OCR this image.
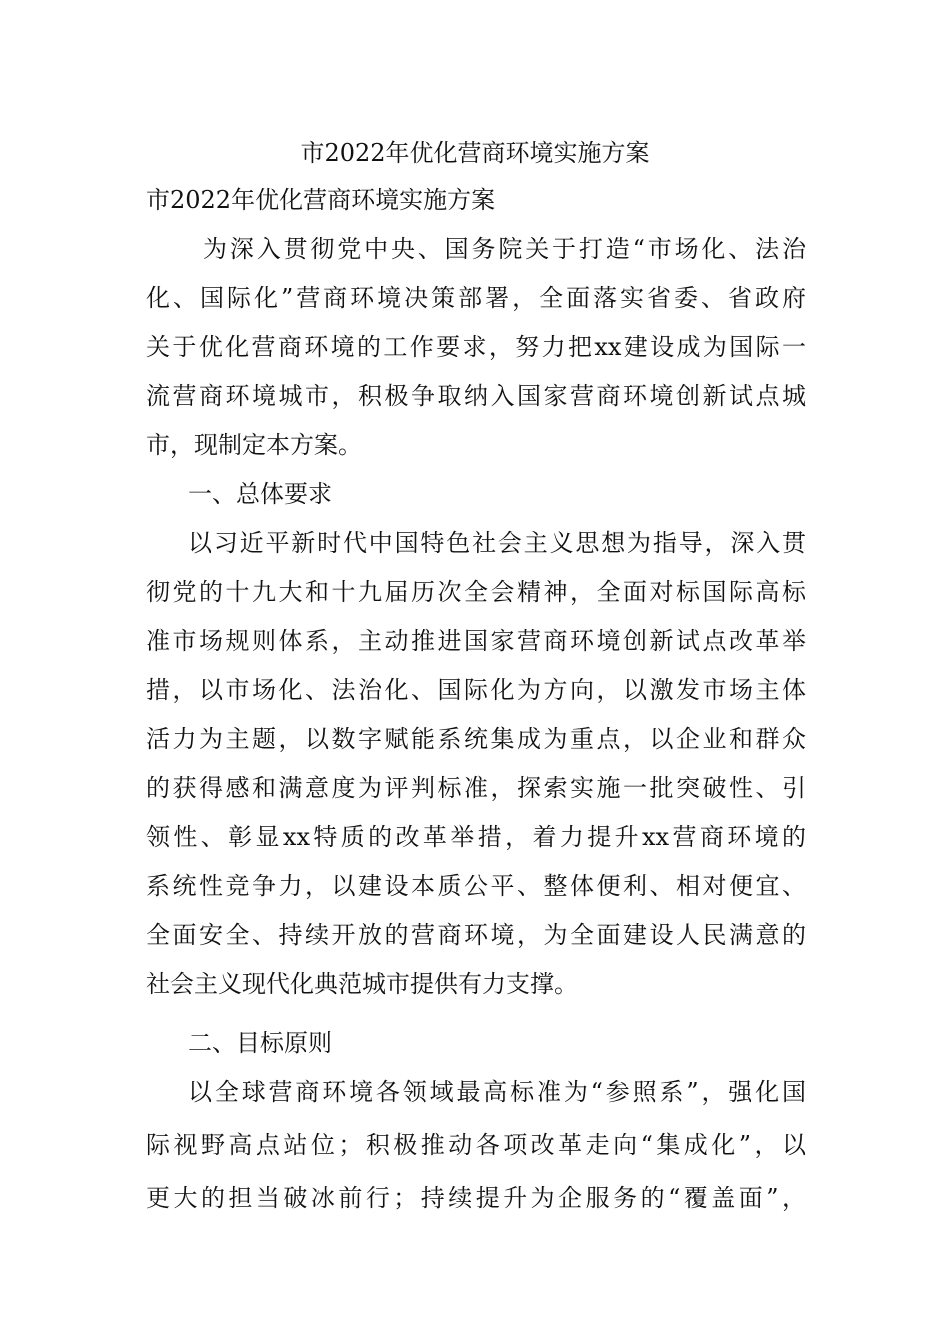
市2022年优化营商环境实施方案
市2022年优化营商环境实施方案
为深入贯彻党中央、国务院关于打造“市场化、法治
化、国际化”营商环境决策部署，全面落实省委、省政府
关于优化营商环境的工作要求，努力把xx建设成为国际一
流营商环境城市，积极争取纳入国家营商环境创新试点城
市，现制定本方案。
一、总体要求
以习近平新时代中国特色社会主义思想为指导，深入贯
彻党的十九大和十九届历次全会精神，全面对标国际高标
准市场规则体系，主动推进国家营商环境创新试点改革举
措，以市场化、法治化、国际化为方向，以激发市场主体
活力为主题，以数字赋能系统集成为重点，以企业和群众
的获得感和满意度为评判标准，探索实施一批突破性、引
领性、彰显xx特质的改革举措，着力提升xx营商环境的
系统性竞争力，以建设本质公平、整体便利、相对便宜、
全面安全、持续开放的营商环境，为全面建设人民满意的
社会主义现代化典范城市提供有力支撑。
二、目标原则
以全球营商环境各领域最高标准为“参照系”，强化国
际视野高点站位；积极推动各项改革走向“集成化”，以
更大的担当破冰前行；持续提升为企服务的“覆盖面”，
